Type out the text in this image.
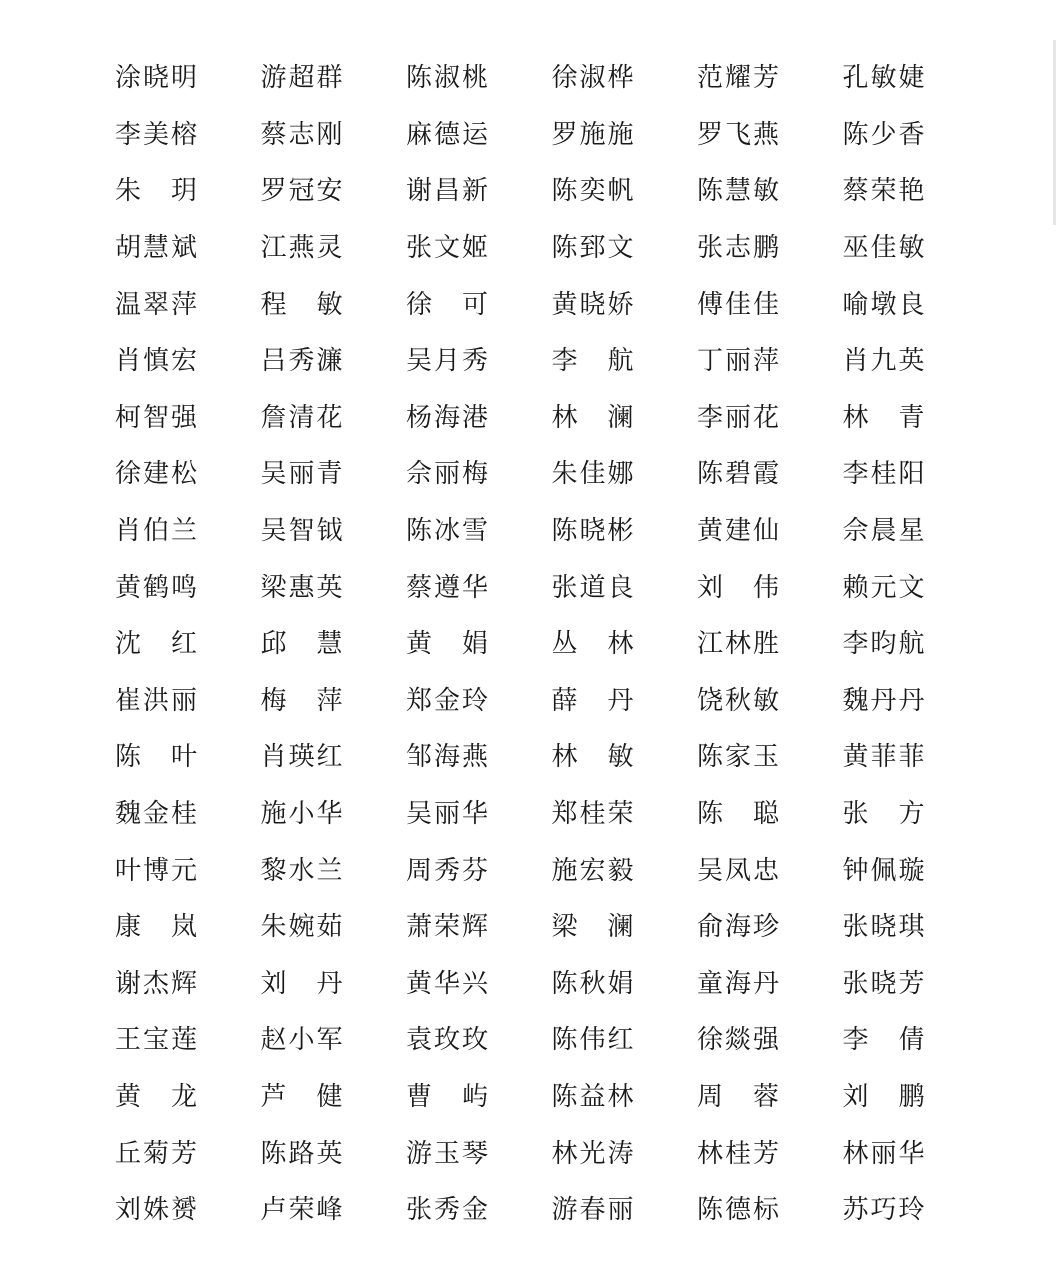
涂 晓 明 游 超 群 陈 淑 桃 徐 淑 桦 范 耀 芳 孔 敏 婕
李 美 榕 蔡 志 刚 麻 德 运 罗 施 施 罗 飞 燕 陈 少 香
朱 玥 罗 冠 安 谢 昌 新 陈 奕 帆 陈 慧 敏 蔡 荣 艳
胡 慧 斌 江 燕 灵 张 文 姬 陈 郅 文 张 志 鹏 巫 佳 敏
温 翠 萍 程 敏 徐 可 黄 晓 娇 傅 佳 佳 喻 墩 良
肖 慎 宏 吕 秀 濂 吴 月 秀 李 航 丁 丽 萍 肖 九 英
柯 智 强 詹 清 花 杨 海 港 林 澜 李 丽 花 林 青
徐 建 松 吴 丽 青 佘 丽 梅 朱 佳 娜 陈 碧 霞 李 桂 阳
肖 伯 兰 吴 智 钺 陈 冰 雪 陈 晓 彬 黄 建 仙 佘 晨 星
黄 鹤 鸣 梁 惠 英 蔡 遵 华 张 道 良 刘 伟 赖 元 文
沈 红 邱 慧 黄 娟 丛 林 江 林 胜 李 昀 航
崔 洪 丽 梅 萍 郑 金 玲 薛 丹 饶 秋 敏 魏 丹 丹
陈 叶 肖 瑛 红 邹 海 燕 林 敏 陈 家 玉 黄 菲 菲
魏 金 桂 施 小 华 吴 丽 华 郑 桂 荣 陈 聪 张 方
叶 博 元 黎 水 兰 周 秀 芬 施 宏 毅 吴 凤 忠 钟 佩 璇
康 岚 朱 婉 茹 萧 荣 辉 梁 澜 俞 海 珍 张 晓 琪
谢 杰 辉 刘 丹 黄 华 兴 陈 秋 娟 童 海 丹 张 晓 芳
王 宝 莲 赵 小 军 袁 玫 玫 陈 伟 红 徐 燚 强 李 倩
黄 龙 芦 健 曹 屿 陈 益 林 周 蓉 刘 鹏
丘 菊 芳 陈 路 英 游 玉 琴 林 光 涛 林 桂 芳 林 丽 华
刘 姝 赟 卢 荣 峰 张 秀 金 游 春 丽 陈 德 标 苏 巧 玲
